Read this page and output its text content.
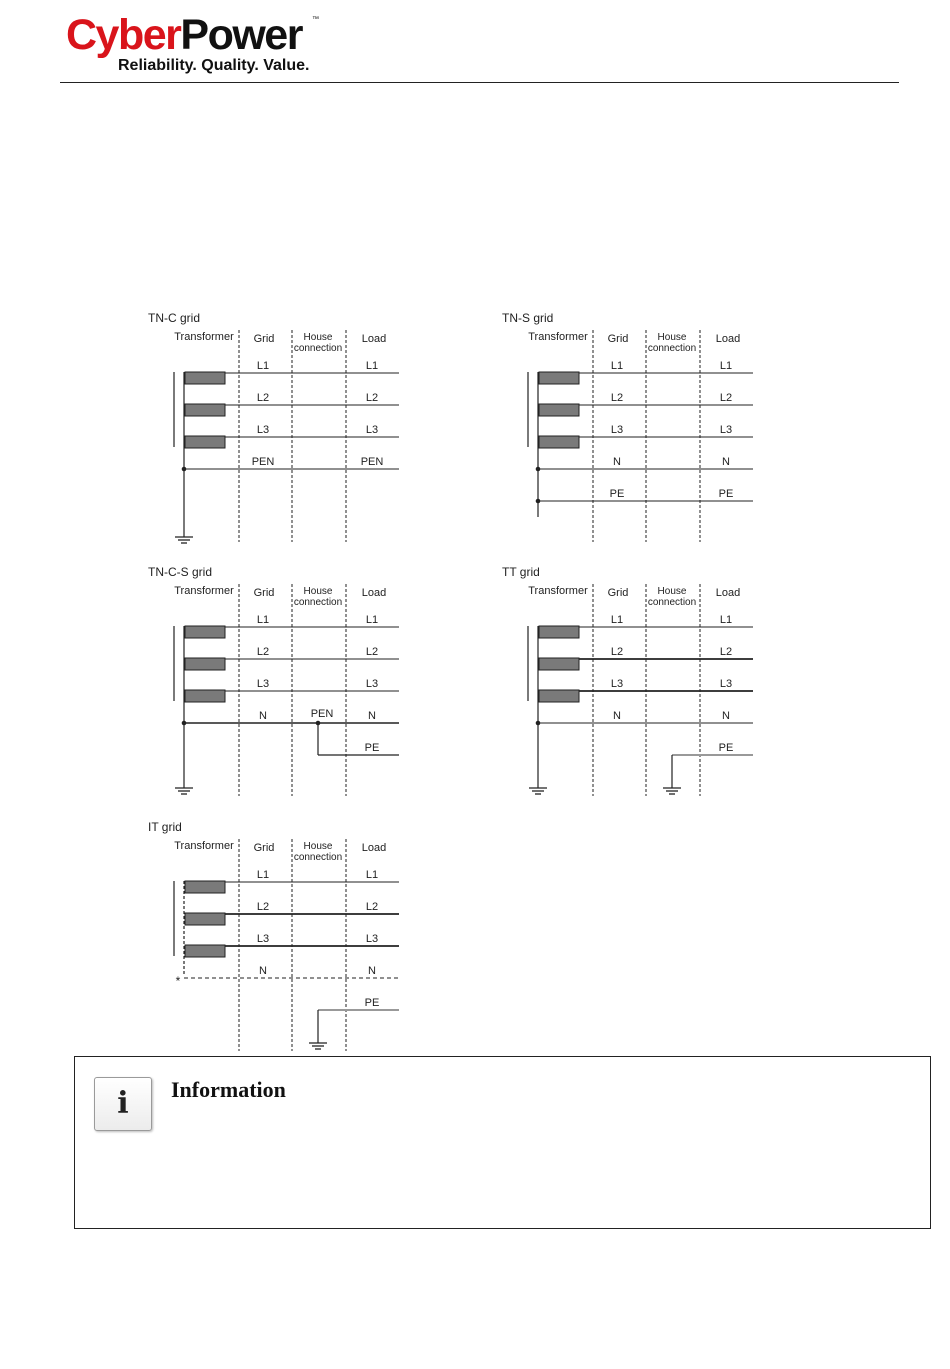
CyberPower ™
Reliability. Quality. Value.
TN-C grid
Transformer Grid	House
connection
Load
L1	L1
L2	L2
L3	L3
PEN	PEN
TN-S grid
Transformer Grid	House
connection
Load
L1	L1
L2	L2
L3	L3
N	N
PE	PE
TN-C-S grid
Transformer Grid	House
connection
Load
L1	L1
L2	L2
L3	L3
N	N
PEN
PE
TT grid
Transformer Grid	House
connection
Load
L1	L1
L2	L2
L3	L3
N	N
PE
IT grid
Transformer Grid	House
connection
Load
L1	L1
L2	L2
L3	L3
N	N
*
PE
i Information
